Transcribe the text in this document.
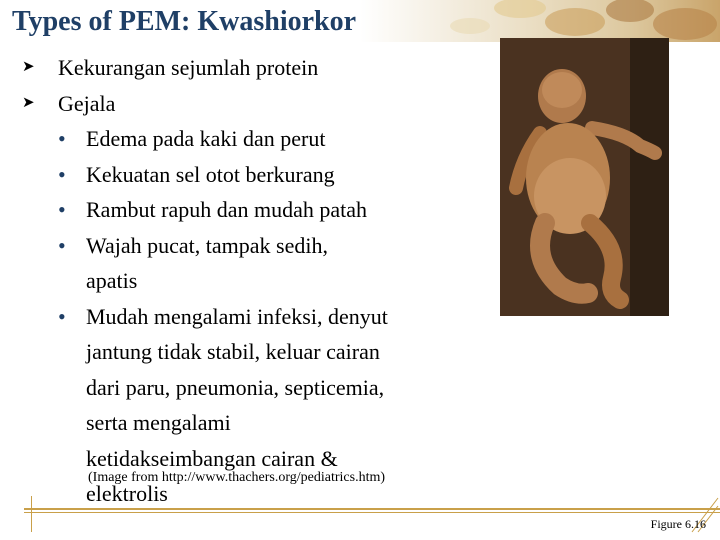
Types of PEM: Kwashiorkor
➤ Kekurangan sejumlah protein
➤ Gejala
• Edema pada kaki dan perut
• Kekuatan sel otot berkurang
• Rambut rapuh dan mudah patah
• Wajah pucat, tampak sedih, apatis
• Mudah mengalami infeksi, denyut jantung tidak stabil, keluar cairan dari paru, pneumonia, septicemia, serta mengalami ketidakseimbangan cairan & elektrolis
(Image from http://www.thachers.org/pediatrics.htm)
Figure 6.16
